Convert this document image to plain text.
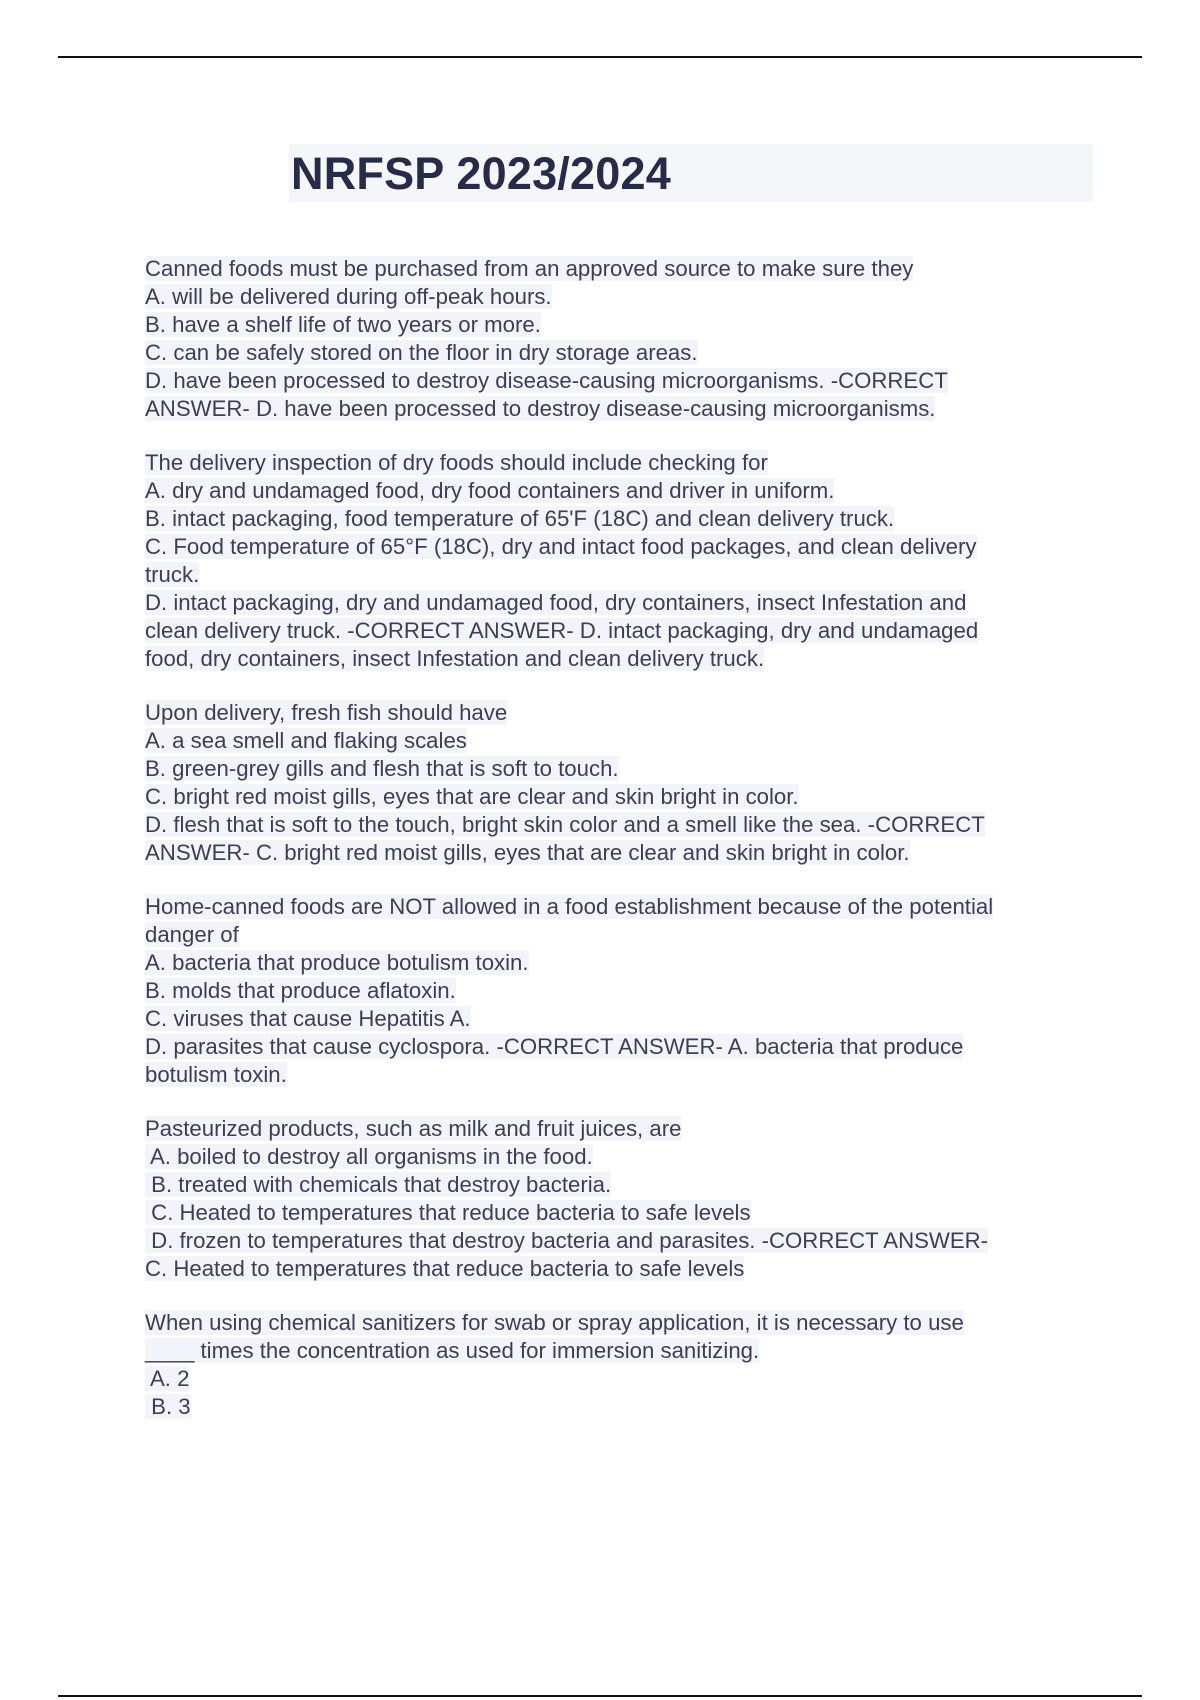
NRFSP 2023/2024
Canned foods must be purchased from an approved source to make sure they
A. will be delivered during off-peak hours.
B. have a shelf life of two years or more.
C. can be safely stored on the floor in dry storage areas.
D. have been processed to destroy disease-causing microorganisms. -CORRECT
ANSWER- D. have been processed to destroy disease-causing microorganisms.
The delivery inspection of dry foods should include checking for
A. dry and undamaged food, dry food containers and driver in uniform.
B. intact packaging, food temperature of 65'F (18C) and clean delivery truck.
C. Food temperature of 65°F (18C), dry and intact food packages, and clean delivery
truck.
D. intact packaging, dry and undamaged food, dry containers, insect Infestation and
clean delivery truck. -CORRECT ANSWER- D. intact packaging, dry and undamaged
food, dry containers, insect Infestation and clean delivery truck.
Upon delivery, fresh fish should have
A. a sea smell and flaking scales
B. green-grey gills and flesh that is soft to touch.
C. bright red moist gills, eyes that are clear and skin bright in color.
D. flesh that is soft to the touch, bright skin color and a smell like the sea. -CORRECT
ANSWER- C. bright red moist gills, eyes that are clear and skin bright in color.
Home-canned foods are NOT allowed in a food establishment because of the potential
danger of
A. bacteria that produce botulism toxin.
B. molds that produce aflatoxin.
C. viruses that cause Hepatitis A.
D. parasites that cause cyclospora. -CORRECT ANSWER- A. bacteria that produce
botulism toxin.
Pasteurized products, such as milk and fruit juices, are
A. boiled to destroy all organisms in the food.
B. treated with chemicals that destroy bacteria.
C. Heated to temperatures that reduce bacteria to safe levels
D. frozen to temperatures that destroy bacteria and parasites. -CORRECT ANSWER-
C. Heated to temperatures that reduce bacteria to safe levels
When using chemical sanitizers for swab or spray application, it is necessary to use
____ times the concentration as used for immersion sanitizing.
A. 2
B. 3
